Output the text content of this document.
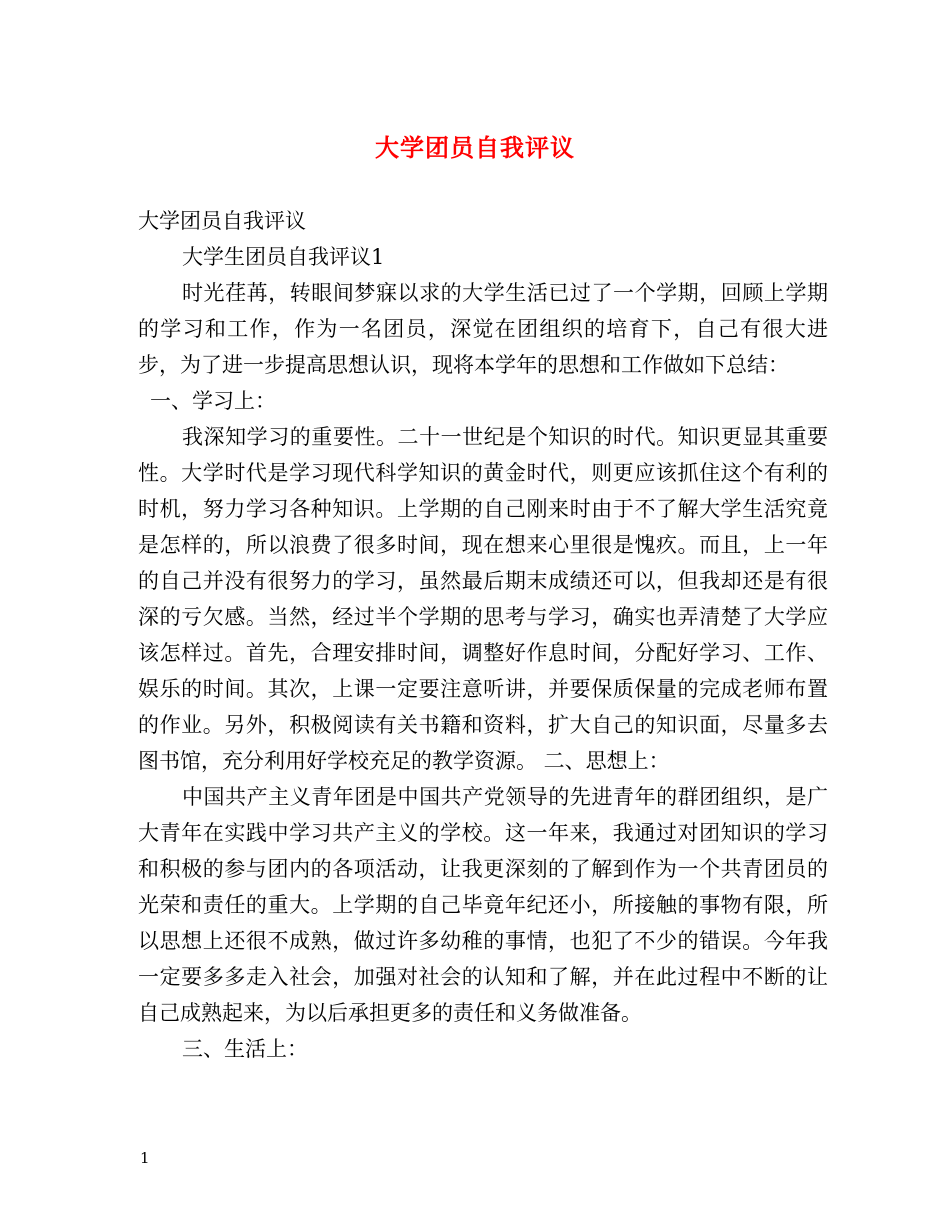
大学团员自我评议

大学团员自我评议

大学生团员自我评议1

时光荏苒，转眼间梦寐以求的大学生活已过了一个学期，回顾上学期的学习和工作，作为一名团员，深觉在团组织的培育下，自己有很大进步，为了进一步提高思想认识，现将本学年的思想和工作做如下总结：

一、学习上：

我深知学习的重要性。二十一世纪是个知识的时代。知识更显其重要性。大学时代是学习现代科学知识的黄金时代，则更应该抓住这个有利的时机，努力学习各种知识。上学期的自己刚来时由于不了解大学生活究竟是怎样的，所以浪费了很多时间，现在想来心里很是愧疚。而且，上一年的自己并没有很努力的学习，虽然最后期末成绩还可以，但我却还是有很深的亏欠感。当然，经过半个学期的思考与学习，确实也弄清楚了大学应该怎样过。首先，合理安排时间，调整好作息时间，分配好学习、工作、娱乐的时间。其次，上课一定要注意听讲，并要保质保量的完成老师布置的作业。另外，积极阅读有关书籍和资料，扩大自己的知识面，尽量多去图书馆，充分利用好学校充足的教学资源。 二、思想上：

中国共产主义青年团是中国共产党领导的先进青年的群团组织，是广大青年在实践中学习共产主义的学校。这一年来，我通过对团知识的学习和积极的参与团内的各项活动，让我更深刻的了解到作为一个共青团员的光荣和责任的重大。上学期的自己毕竟年纪还小，所接触的事物有限，所以思想上还很不成熟，做过许多幼稚的事情，也犯了不少的错误。今年我一定要多多走入社会，加强对社会的认知和了解，并在此过程中不断的让自己成熟起来，为以后承担更多的责任和义务做准备。

三、生活上：

1
